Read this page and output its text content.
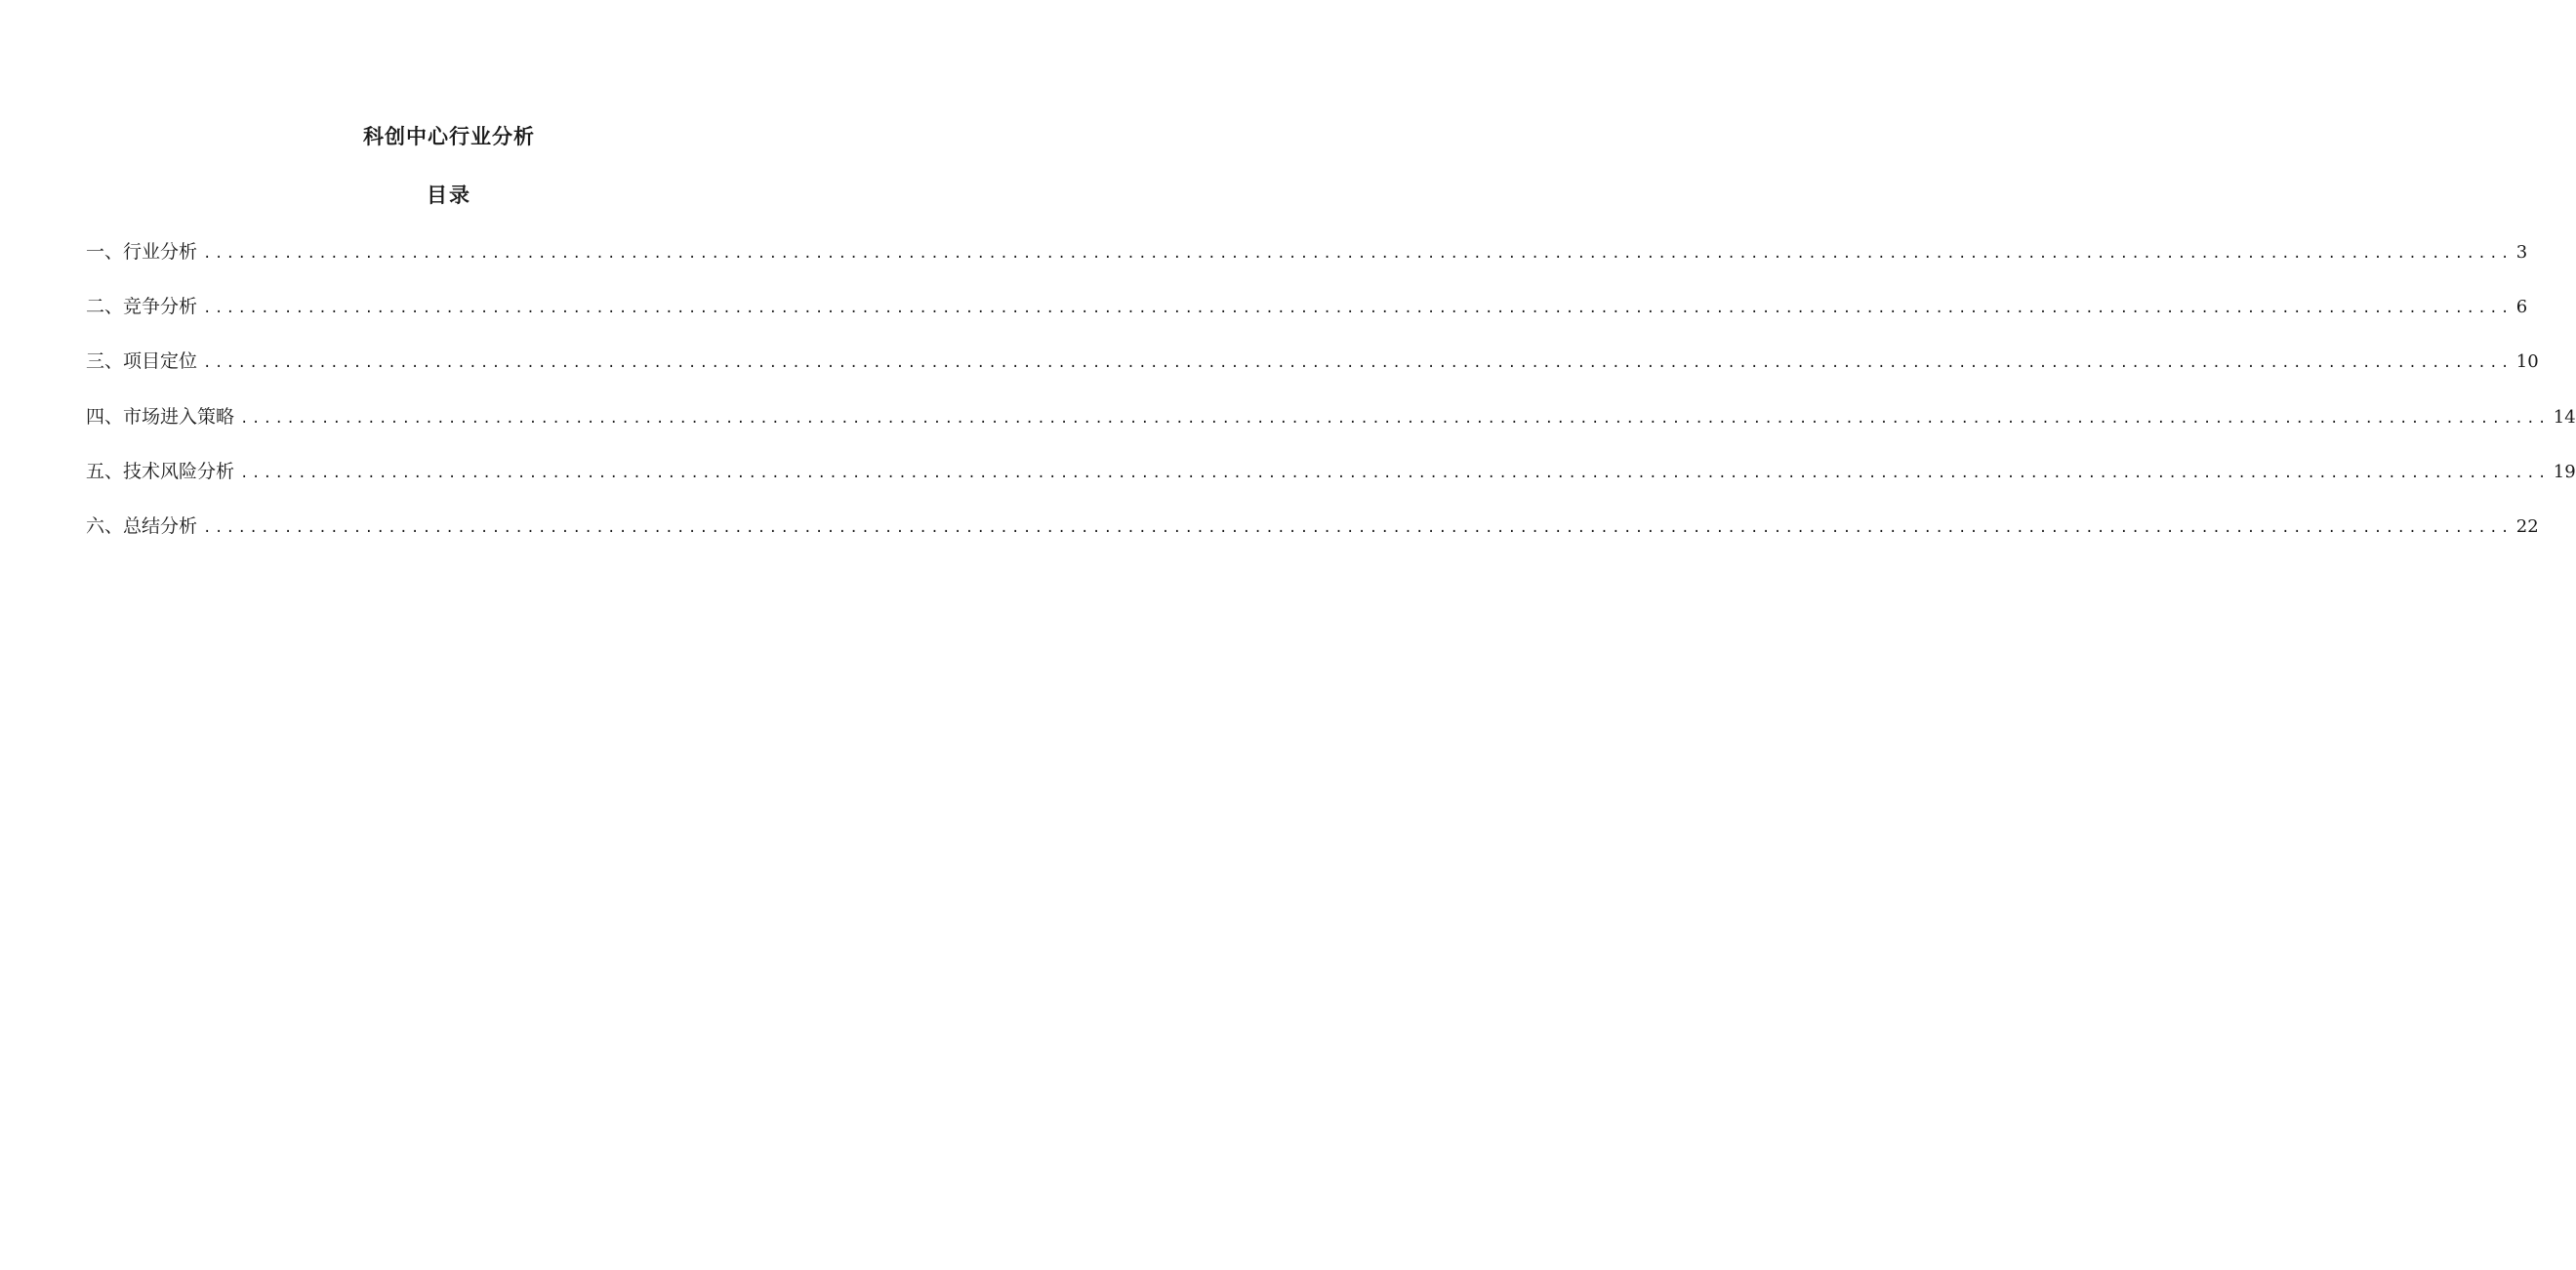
科创中心行业分析
目录
一、行业分析 ........................................................................................................................................................................................................ 3
二、竞争分析 ........................................................................................................................................................................................................ 6
三、项目定位 ........................................................................................................................................................................................................ 10
四、市场进入策略 ........................................................................................................................................................................................................ 14
五、技术风险分析 ........................................................................................................................................................................................................ 19
六、总结分析 ........................................................................................................................................................................................................ 22
